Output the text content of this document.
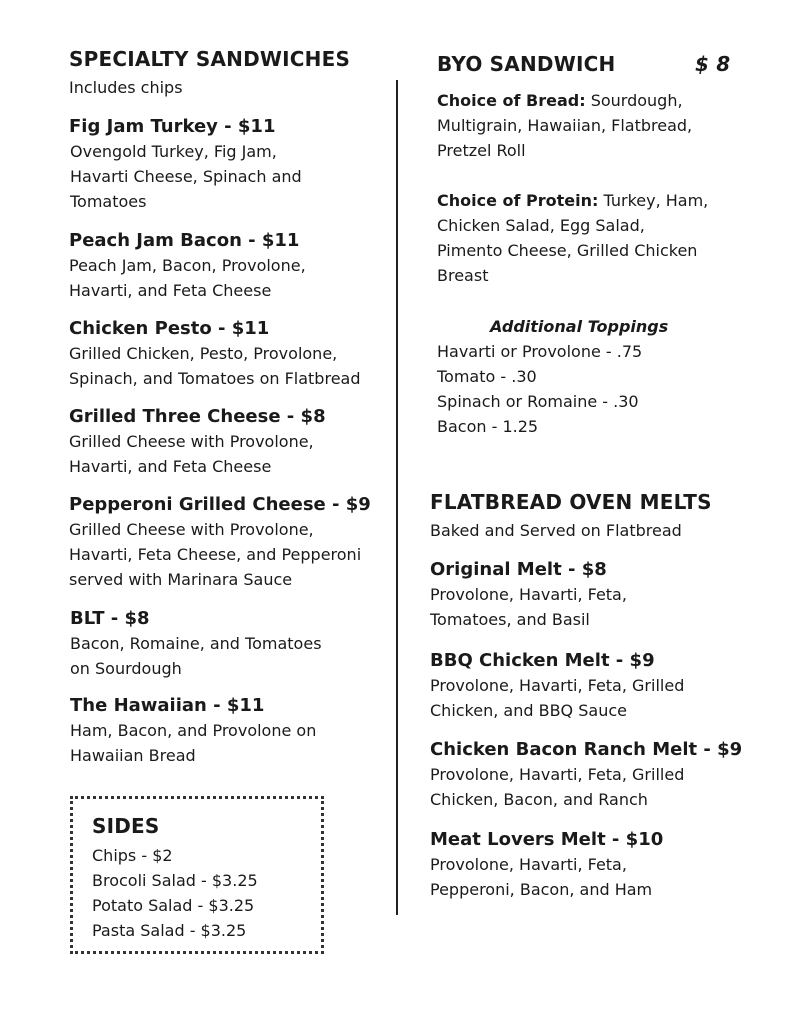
SPECIALTY SANDWICHES
Includes chips
Fig Jam Turkey - $11
Ovengold Turkey, Fig Jam,
Havarti Cheese, Spinach and
Tomatoes
Peach Jam Bacon - $11
Peach Jam, Bacon, Provolone,
Havarti, and Feta Cheese
Chicken Pesto - $11
Grilled Chicken, Pesto, Provolone,
Spinach, and Tomatoes on Flatbread
Grilled Three Cheese - $8
Grilled Cheese with Provolone,
Havarti, and Feta Cheese
Pepperoni Grilled Cheese - $9
Grilled Cheese with Provolone,
Havarti, Feta Cheese, and Pepperoni
served with Marinara Sauce
BLT - $8
Bacon, Romaine, and Tomatoes
on Sourdough
The Hawaiian - $11
Ham, Bacon, and Provolone on
Hawaiian Bread
SIDES
Chips - $2
Brocoli Salad - $3.25
Potato Salad - $3.25
Pasta Salad - $3.25
BYO SANDWICH	$ 8
Choice of Bread: Sourdough,
Multigrain, Hawaiian, Flatbread,
Pretzel Roll
Choice of Protein: Turkey, Ham,
Chicken Salad, Egg Salad,
Pimento Cheese, Grilled Chicken
Breast
Additional Toppings
Havarti or Provolone - .75
Tomato - .30
Spinach or Romaine - .30
Bacon - 1.25
FLATBREAD OVEN MELTS
Baked and Served on Flatbread
Original Melt - $8
Provolone, Havarti, Feta,
Tomatoes, and Basil
BBQ Chicken Melt - $9
Provolone, Havarti, Feta, Grilled
Chicken, and BBQ Sauce
Chicken Bacon Ranch Melt - $9
Provolone, Havarti, Feta, Grilled
Chicken, Bacon, and Ranch
Meat Lovers Melt - $10
Provolone, Havarti, Feta,
Pepperoni, Bacon, and Ham
